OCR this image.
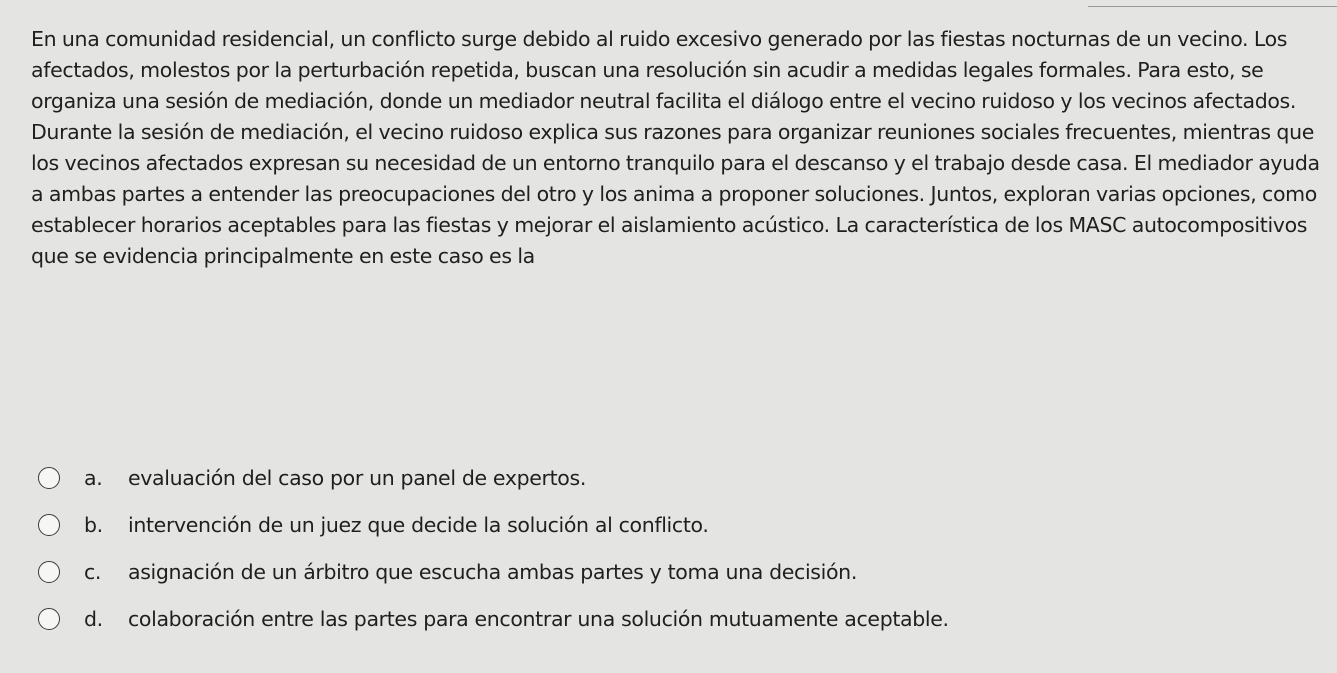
En una comunidad residencial, un conflicto surge debido al ruido excesivo generado por las fiestas nocturnas de un vecino. Los afectados, molestos por la perturbación repetida, buscan una resolución sin acudir a medidas legales formales. Para esto, se organiza una sesión de mediación, donde un mediador neutral facilita el diálogo entre el vecino ruidoso y los vecinos afectados.

Durante la sesión de mediación, el vecino ruidoso explica sus razones para organizar reuniones sociales frecuentes, mientras que los vecinos afectados expresan su necesidad de un entorno tranquilo para el descanso y el trabajo desde casa. El mediador ayuda a ambas partes a entender las preocupaciones del otro y los anima a proponer soluciones. Juntos, exploran varias opciones, como establecer horarios aceptables para las fiestas y mejorar el aislamiento acústico. La característica de los MASC autocompositivos que se evidencia principalmente en este caso es la

a.	evaluación del caso por un panel de expertos.
b.	intervención de un juez que decide la solución al conflicto.
c.	asignación de un árbitro que escucha ambas partes y toma una decisión.
d.	colaboración entre las partes para encontrar una solución mutuamente aceptable.
